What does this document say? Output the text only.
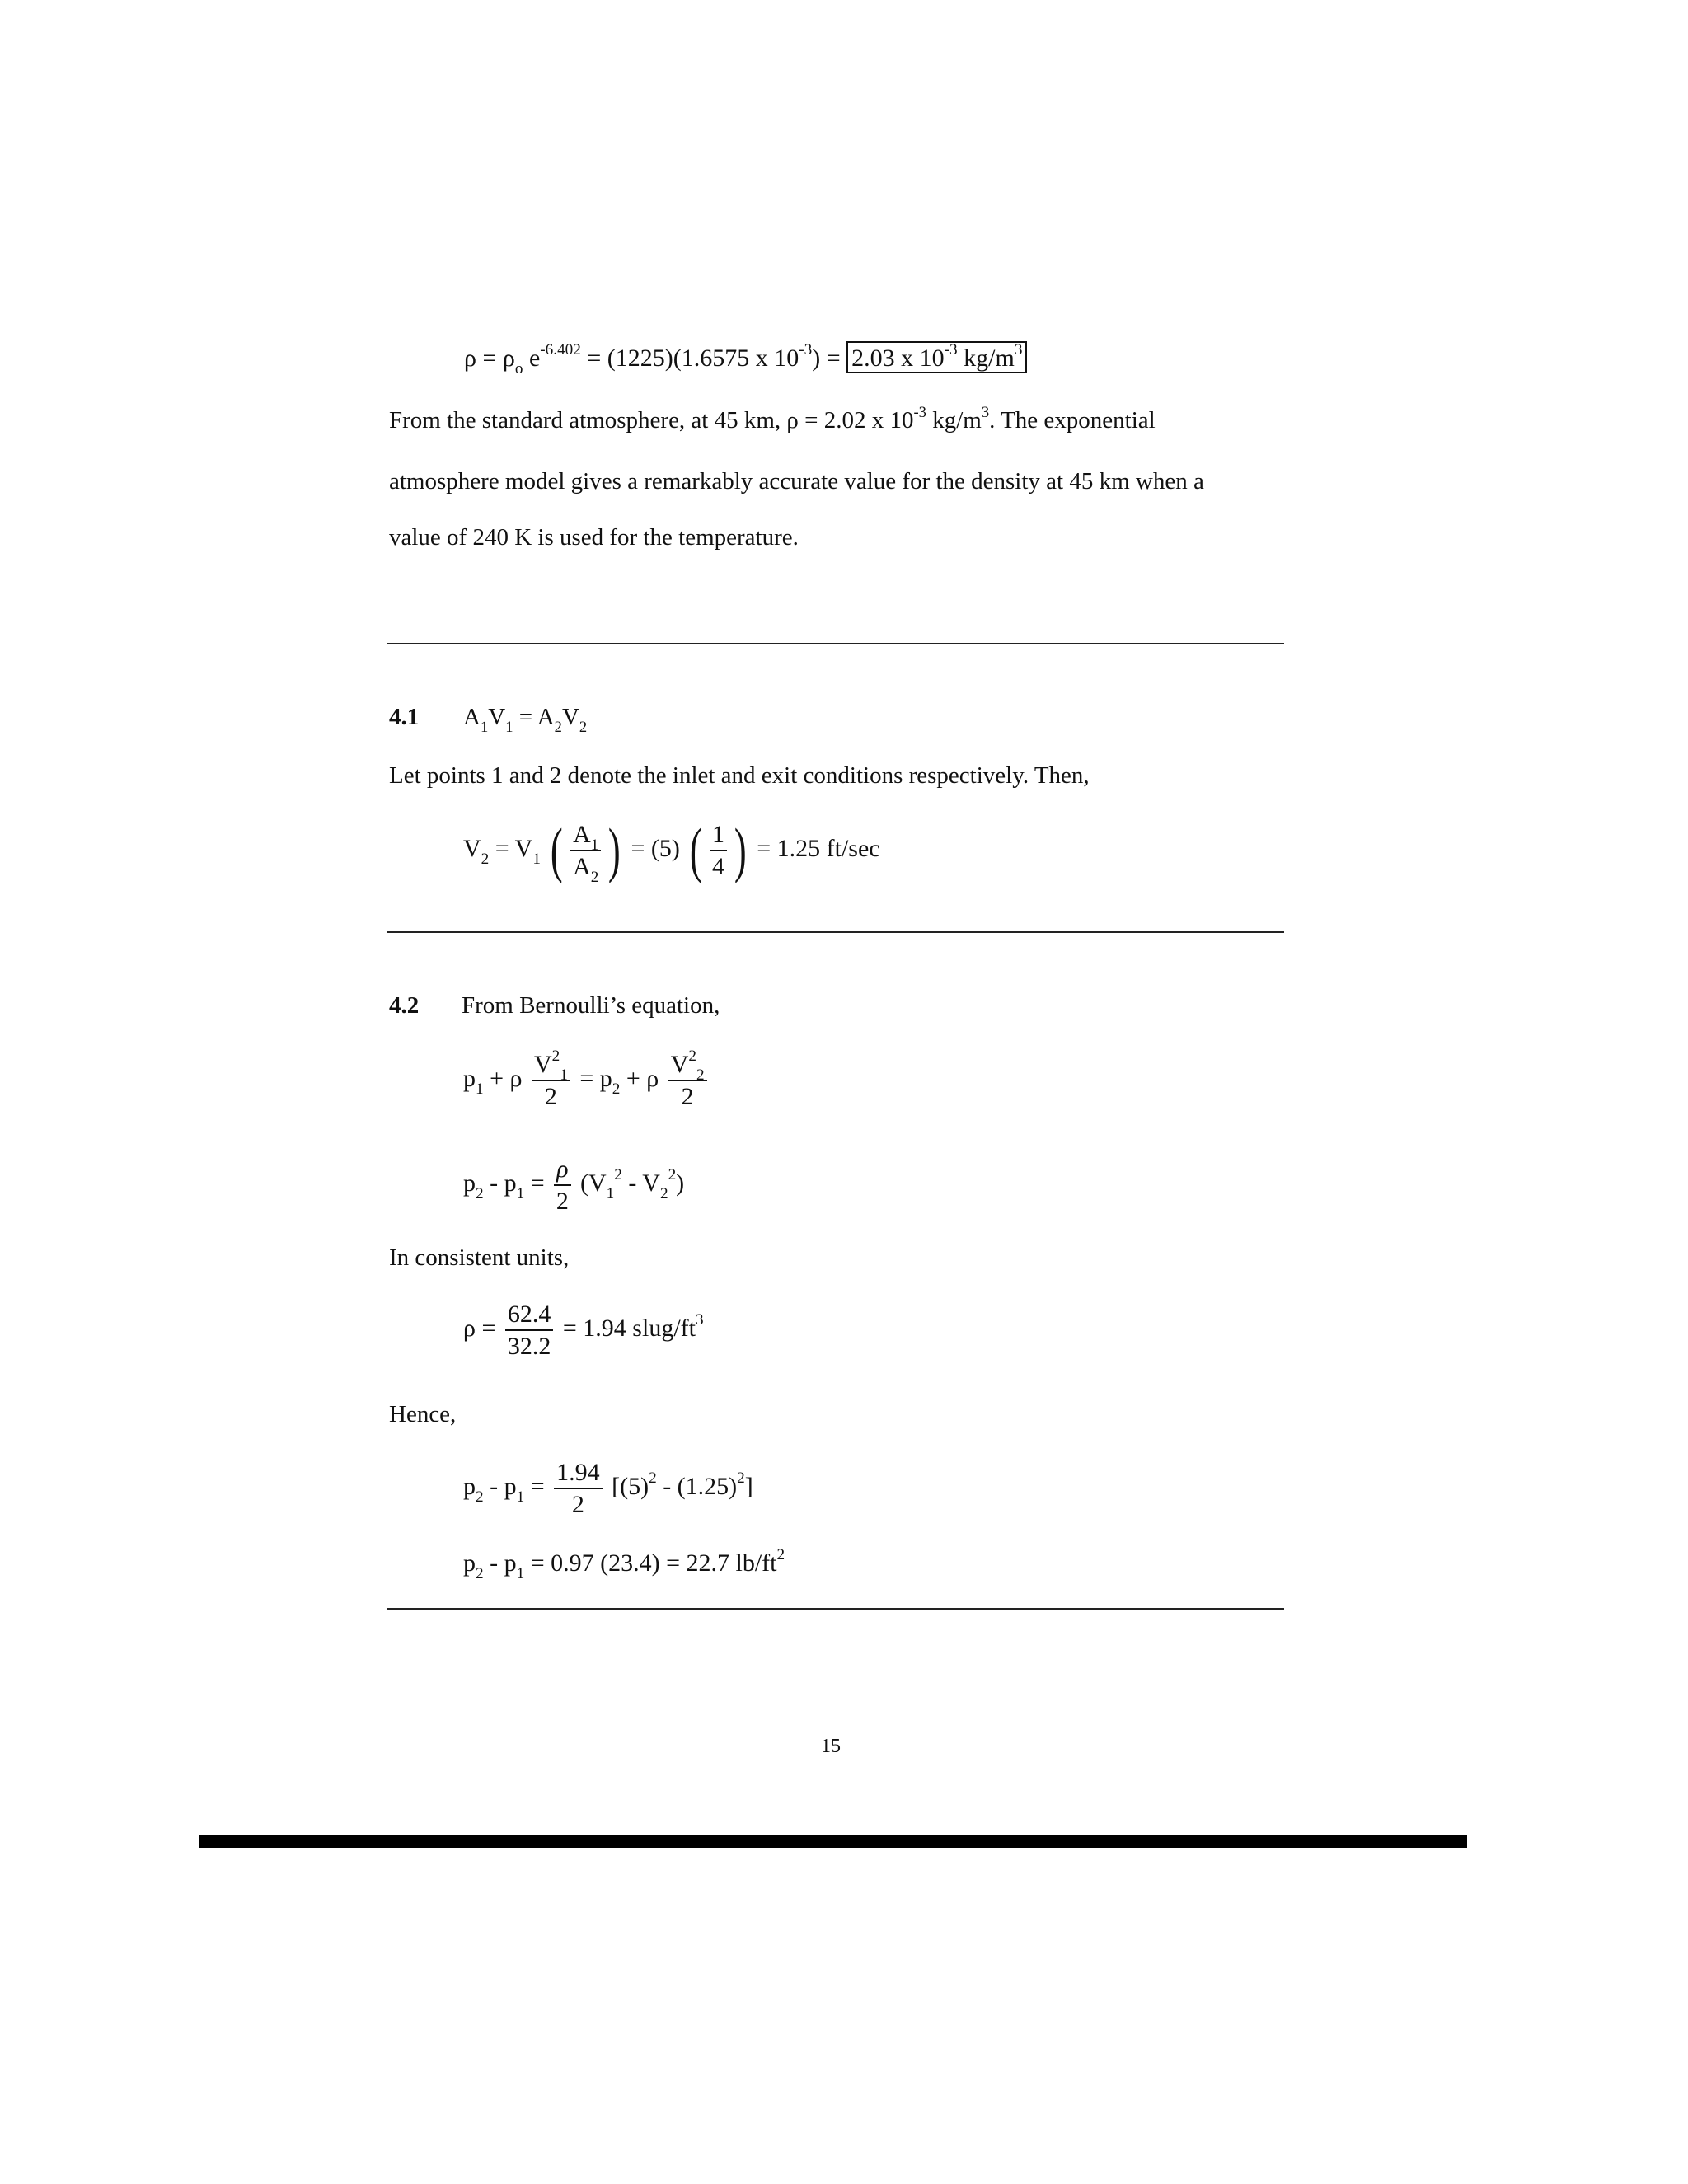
$\rho = \rho_o$ $e^{-6.402} = (1225)(1.6575$ x $10^{-3}) = 2.03$ x $10^{-3}$ $kg/m^3$
From the standard atmosphere, at 45 km, ρ = 2.02 x $10^{-3}$ $kg/m^3$. The exponential
atmosphere model gives a remarkably accurate value for the density at 45 km when a
value of 240 K is used for the temperature.
4.1 $A_1V_1 = A_2V_2$
Let points 1 and 2 denote the inlet and exit conditions respectively. Then,
$V_2 = V_1$ ( $\frac{A_1}{A_2}$ ) = (5) ( $\frac{1}{4}$ ) = 1.25 ft/sec
4.2 From Bernoulli’s equation,
$p_1 + \rho \frac{V^2_1}{2} = p_2 + \rho \frac{V^2_2}{2}$
$p_2 - p_1 = \frac{\rho}{2} (V_1^2 - V_2^2)$
In consistent units,
$\rho = \frac{62.4}{32.2} = 1.94$ slug/$ft^3$
Hence,
$p_2 - p_1 = \frac{1.94}{2} [(5)^2 - (1.25)^2]$
$p_2 - p_1 = 0.97$ (23.4) = 22.7 $lb/ft^2$
15
